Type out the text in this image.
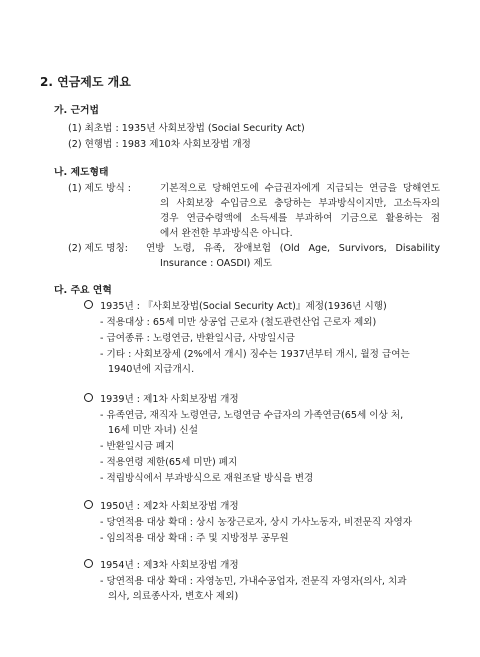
2. 연금제도 개요
가. 근거법
(1) 최초법 : 1935년 사회보장법 (Social Security Act)
(2) 현행법 : 1983 제10차 사회보장법 개정
나. 제도형태
(1) 제도 방식 :	기본적으로 당해연도에 수급권자에게 지급되는 연금을 당해연도
의 사회보장 수입금으로 충당하는 부과방식이지만, 고소득자의
경우 연금수령액에 소득세를 부과하여 기금으로 활용하는 점
에서 완전한 부과방식은 아니다.
(2) 제도 명칭: 연방 노령, 유족, 장애보험 (Old Age, Survivors, Disability
Insurance : OASDI) 제도
다. 주요 연혁
1935년 : 『사회보장법(Social Security Act)』제정(1936년 시행)
- 적용대상 : 65세 미만 상공업 근로자 (철도관련산업 근로자 제외)
- 급여종류 : 노령연금, 반환일시금, 사망일시금
- 기타 : 사회보장세 (2%에서 개시) 징수는 1937년부터 개시, 월정 급여는
1940년에 지급개시.
1939년 : 제1차 사회보장법 개정
- 유족연금, 재직자 노령연금, 노령연금 수급자의 가족연금(65세 이상 처,
16세 미만 자녀) 신설
- 반환일시금 폐지
- 적용연령 제한(65세 미만) 폐지
- 적립방식에서 부과방식으로 재원조달 방식을 변경
1950년 : 제2차 사회보장법 개정
- 당연적용 대상 확대 : 상시 농장근로자, 상시 가사노동자, 비전문직 자영자
- 임의적용 대상 확대 : 주 및 지방정부 공무원
1954년 : 제3차 사회보장법 개정
- 당연적용 대상 확대 : 자영농민, 가내수공업자, 전문직 자영자(의사, 치과
의사, 의료종사자, 변호사 제외)
